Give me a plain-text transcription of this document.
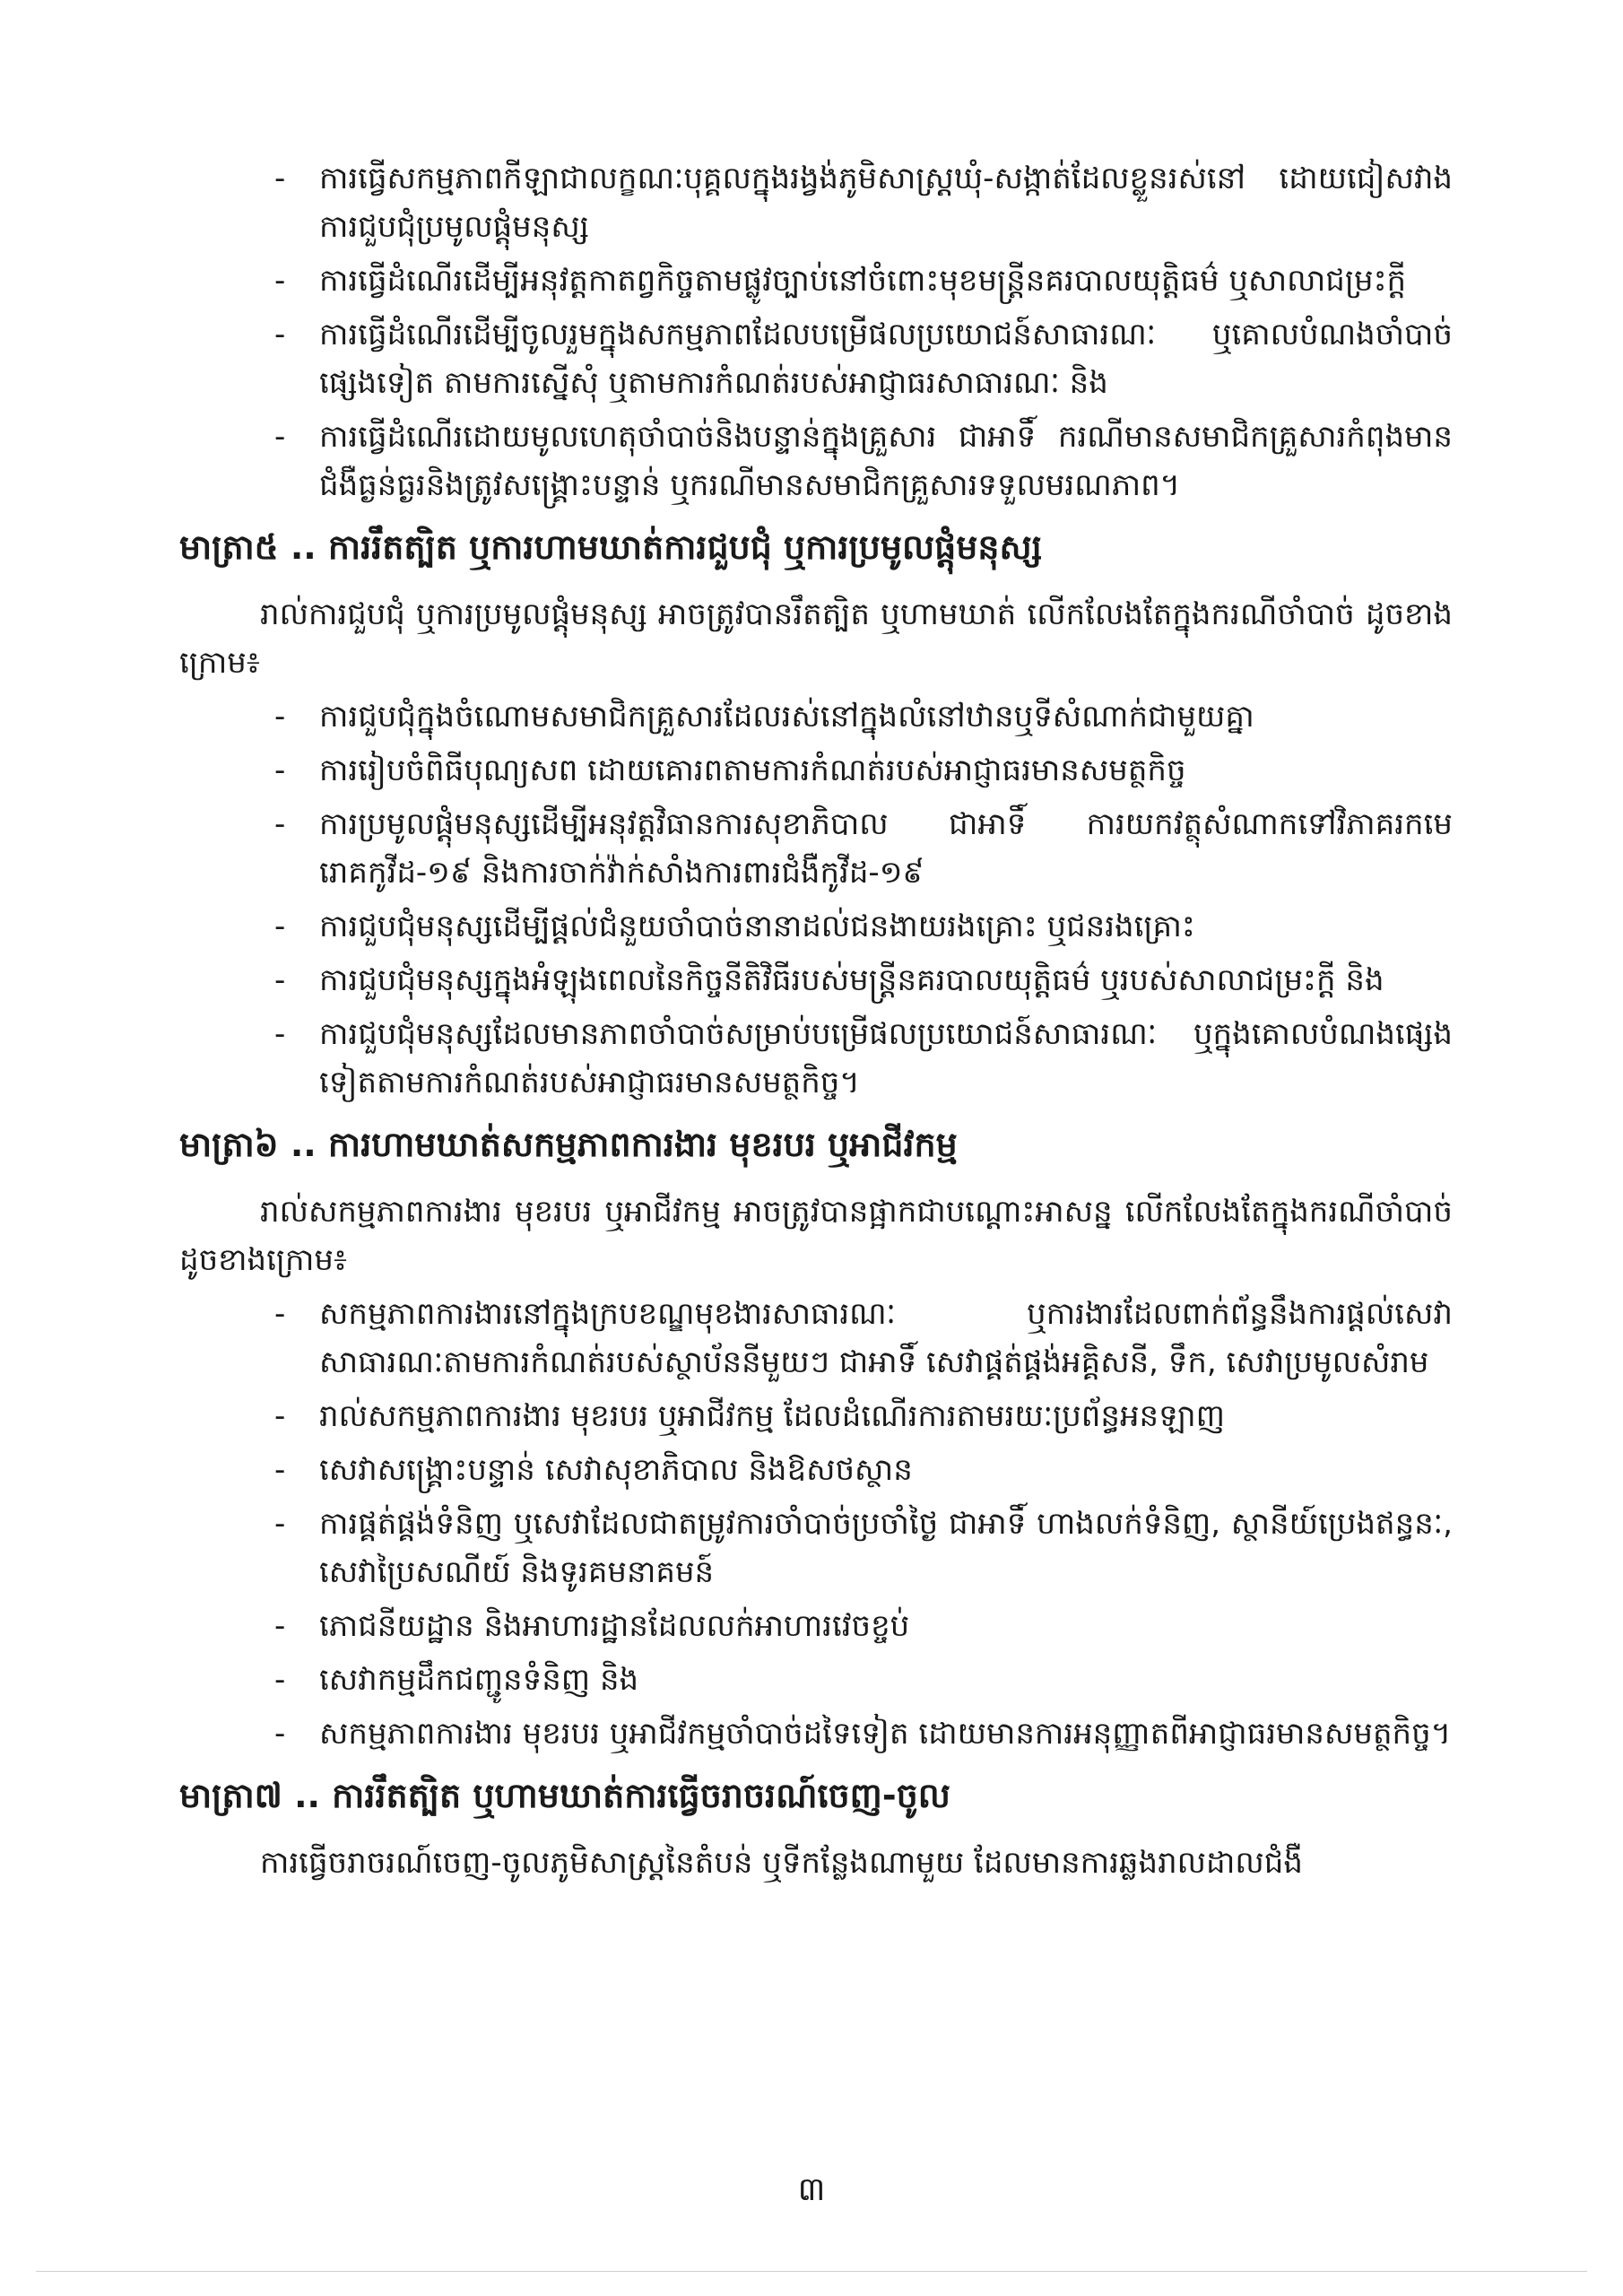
- ការធ្វើសកម្មភាពកីឡាជាលក្ខណៈបុគ្គលក្នុងរង្វង់ភូមិសាស្ត្រឃុំ-សង្កាត់ដែលខ្លួនរស់នៅ ដោយជៀសវាងការជួបជុំប្រមូលផ្តុំមនុស្ស
- ការធ្វើដំណើរដើម្បីអនុវត្តកាតព្វកិច្ចតាមផ្លូវច្បាប់នៅចំពោះមុខមន្ត្រីនគរបាលយុត្តិធម៌ ឬសាលាជម្រះក្តី
- ការធ្វើដំណើរដើម្បីចូលរួមក្នុងសកម្មភាពដែលបម្រើផលប្រយោជន៍សាធារណៈ ឬគោលបំណងចាំបាច់ផ្សេងទៀត តាមការស្នើសុំ ឬតាមការកំណត់របស់អាជ្ញាធរសាធារណៈ និង
- ការធ្វើដំណើរដោយមូលហេតុចាំបាច់និងបន្ទាន់ក្នុងគ្រួសារ ជាអាទិ៍ ករណីមានសមាជិកគ្រួសារកំពុងមានជំងឺធ្ងន់ធ្ងរនិងត្រូវសង្គ្រោះបន្ទាន់ ឬករណីមានសមាជិកគ្រួសារទទួលមរណភាព។
មាត្រា៥ .. ការរឹតត្បិត ឬការហាមឃាត់ការជួបជុំ ឬការប្រមូលផ្តុំមនុស្ស
រាល់ការជួបជុំ ឬការប្រមូលផ្តុំមនុស្ស អាចត្រូវបានរឹតត្បិត ឬហាមឃាត់ លើកលែងតែក្នុងករណីចាំបាច់ ដូចខាងក្រោម៖
- ការជួបជុំក្នុងចំណោមសមាជិកគ្រួសារដែលរស់នៅក្នុងលំនៅឋានឬទីសំណាក់ជាមួយគ្នា
- ការរៀបចំពិធីបុណ្យសព ដោយគោរពតាមការកំណត់របស់អាជ្ញាធរមានសមត្ថកិច្ច
- ការប្រមូលផ្តុំមនុស្សដើម្បីអនុវត្តវិធានការសុខាភិបាល ជាអាទិ៍ ការយកវត្ថុសំណាកទៅវិភាគរកមេរោគកូវីដ-១៩ និងការចាក់វ៉ាក់សាំងការពារជំងឺកូវីដ-១៩
- ការជួបជុំមនុស្សដើម្បីផ្តល់ជំនួយចាំបាច់នានាដល់ជនងាយរងគ្រោះ ឬជនរងគ្រោះ
- ការជួបជុំមនុស្សក្នុងអំឡុងពេលនៃកិច្ចនីតិវិធីរបស់មន្ត្រីនគរបាលយុត្តិធម៌ ឬរបស់សាលាជម្រះក្តី និង
- ការជួបជុំមនុស្សដែលមានភាពចាំបាច់សម្រាប់បម្រើផលប្រយោជន៍សាធារណៈ ឬក្នុងគោលបំណងផ្សេងទៀតតាមការកំណត់របស់អាជ្ញាធរមានសមត្ថកិច្ច។
មាត្រា៦ .. ការហាមឃាត់សកម្មភាពការងារ មុខរបរ ឬអាជីវកម្ម
រាល់សកម្មភាពការងារ មុខរបរ ឬអាជីវកម្ម អាចត្រូវបានផ្អាកជាបណ្តោះអាសន្ន លើកលែងតែក្នុងករណីចាំបាច់ ដូចខាងក្រោម៖
- សកម្មភាពការងារនៅក្នុងក្របខណ្ឌមុខងារសាធារណៈ ឬការងារដែលពាក់ព័ន្ធនឹងការផ្តល់សេវាសាធារណៈតាមការកំណត់របស់ស្ថាប័ននីមួយៗ ជាអាទិ៍ សេវាផ្គត់ផ្គង់អគ្គិសនី, ទឹក, សេវាប្រមូលសំរាម
- រាល់សកម្មភាពការងារ មុខរបរ ឬអាជីវកម្ម ដែលដំណើរការតាមរយៈប្រព័ន្ធអនឡាញ
- សេវាសង្គ្រោះបន្ទាន់ សេវាសុខាភិបាល និងឱសថស្ថាន
- ការផ្គត់ផ្គង់ទំនិញ ឬសេវាដែលជាតម្រូវការចាំបាច់ប្រចាំថ្ងៃ ជាអាទិ៍ ហាងលក់ទំនិញ, ស្ថានីយ៍ប្រេងឥន្ធនៈ, សេវាប្រៃសណីយ៍ និងទូរគមនាគមន៍
- ភោជនីយដ្ឋាន និងអាហារដ្ឋានដែលលក់អាហារវេចខ្ចប់
- សេវាកម្មដឹកជញ្ជូនទំនិញ និង
- សកម្មភាពការងារ មុខរបរ ឬអាជីវកម្មចាំបាច់ដទៃទៀត ដោយមានការអនុញ្ញាតពីអាជ្ញាធរមានសមត្ថកិច្ច។
មាត្រា៧ .. ការរឹតត្បិត ឬហាមឃាត់ការធ្វើចរាចរណ៍ចេញ-ចូល
ការធ្វើចរាចរណ៍ចេញ-ចូលភូមិសាស្ត្រនៃតំបន់ ឬទីកន្លែងណាមួយ ដែលមានការឆ្លងរាលដាលជំងឺ
៣
